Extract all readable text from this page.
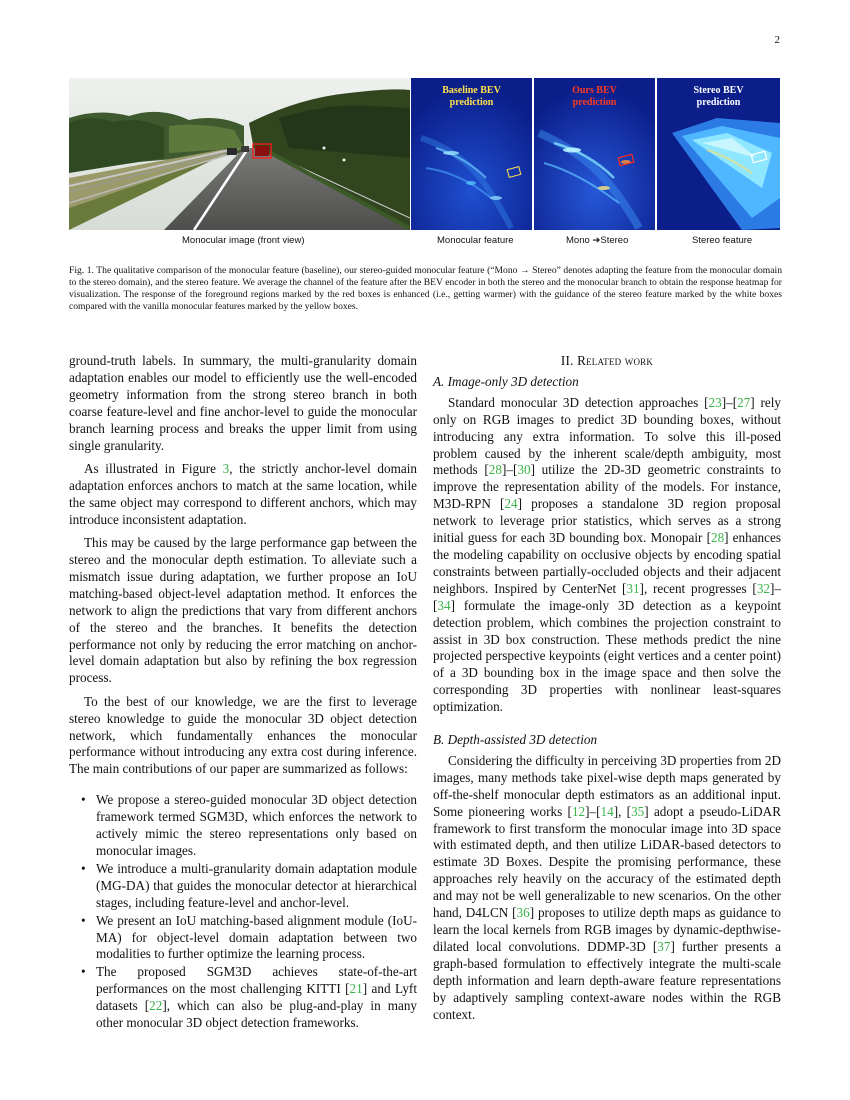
2
Baseline BEV
prediction
Ours BEV
prediction
Stereo BEV
prediction
Monocular image (front view)	Monocular feature	Mono ➔Stereo	Stereo feature
Fig. 1. The qualitative comparison of the monocular feature (baseline), our stereo-guided monocular feature (“Mono → Stereo” denotes adapting the feature from the monocular domain to the stereo domain), and the stereo feature. We average the channel of the feature after the BEV encoder in both the stereo and the monocular branch to obtain the response heatmap for visualization. The response of the foreground regions marked by the red boxes is enhanced (i.e., getting warmer) with the guidance of the stereo feature marked by the white boxes compared with the vanilla monocular features marked by the yellow boxes.

ground-truth labels. In summary, the multi-granularity domain adaptation enables our model to efficiently use the well-encoded geometry information from the strong stereo branch in both coarse feature-level and fine anchor-level to guide the monocular branch learning process and breaks the upper limit from using single granularity.

As illustrated in Figure 3, the strictly anchor-level domain adaptation enforces anchors to match at the same location, while the same object may correspond to different anchors, which may introduce inconsistent adaptation.

This may be caused by the large performance gap between the stereo and the monocular depth estimation. To alleviate such a mismatch issue during adaptation, we further propose an IoU matching-based object-level adaptation method. It enforces the network to align the predictions that vary from different anchors of the stereo and the branches. It benefits the detection performance not only by reducing the error matching on anchor-level domain adaptation but also by refining the box regression process.

To the best of our knowledge, we are the first to leverage stereo knowledge to guide the monocular 3D object detection network, which fundamentally enhances the monocular performance without introducing any extra cost during inference. The main contributions of our paper are summarized as follows:

• We propose a stereo-guided monocular 3D object detection framework termed SGM3D, which enforces the network to actively mimic the stereo representations only based on monocular images.
• We introduce a multi-granularity domain adaptation module (MG-DA) that guides the monocular detector at hierarchical stages, including feature-level and anchor-level.
• We present an IoU matching-based alignment module (IoU-MA) for object-level domain adaptation between two modalities to further optimize the learning process.
• The proposed SGM3D achieves state-of-the-art performances on the most challenging KITTI [21] and Lyft datasets [22], which can also be plug-and-play in many other monocular 3D object detection frameworks.
II. Related work
A. Image-only 3D detection

Standard monocular 3D detection approaches [23]–[27] rely only on RGB images to predict 3D bounding boxes, without introducing any extra information. To solve this ill-posed problem caused by the inherent scale/depth ambiguity, most methods [28]–[30] utilize the 2D-3D geometric constraints to improve the representation ability of the models. For instance, M3D-RPN [24] proposes a standalone 3D region proposal network to leverage prior statistics, which serves as a strong initial guess for each 3D bounding box. Monopair [28] enhances the modeling capability on occlusive objects by encoding spatial constraints between partially-occluded objects and their adjacent neighbors. Inspired by CenterNet [31], recent progresses [32]–[34] formulate the image-only 3D detection as a keypoint detection problem, which combines the projection constraint to assist in 3D box construction. These methods predict the nine projected perspective keypoints (eight vertices and a center point) of a 3D bounding box in the image space and then solve the corresponding 3D properties with nonlinear least-squares optimization.

B. Depth-assisted 3D detection

Considering the difficulty in perceiving 3D properties from 2D images, many methods take pixel-wise depth maps generated by off-the-shelf monocular depth estimators as an additional input. Some pioneering works [12]–[14], [35] adopt a pseudo-LiDAR framework to first transform the monocular image into 3D space with estimated depth, and then utilize LiDAR-based detectors to estimate 3D Boxes. Despite the promising performance, these approaches rely heavily on the accuracy of the estimated depth and may not be well generalizable to new scenarios. On the other hand, D4LCN [36] proposes to utilize depth maps as guidance to learn the local kernels from RGB images by dynamic-depthwise-dilated local convolutions. DDMP-3D [37] further presents a graph-based formulation to effectively integrate the multi-scale depth information and learn depth-aware feature representations by adaptively sampling context-aware nodes within the RGB context.
